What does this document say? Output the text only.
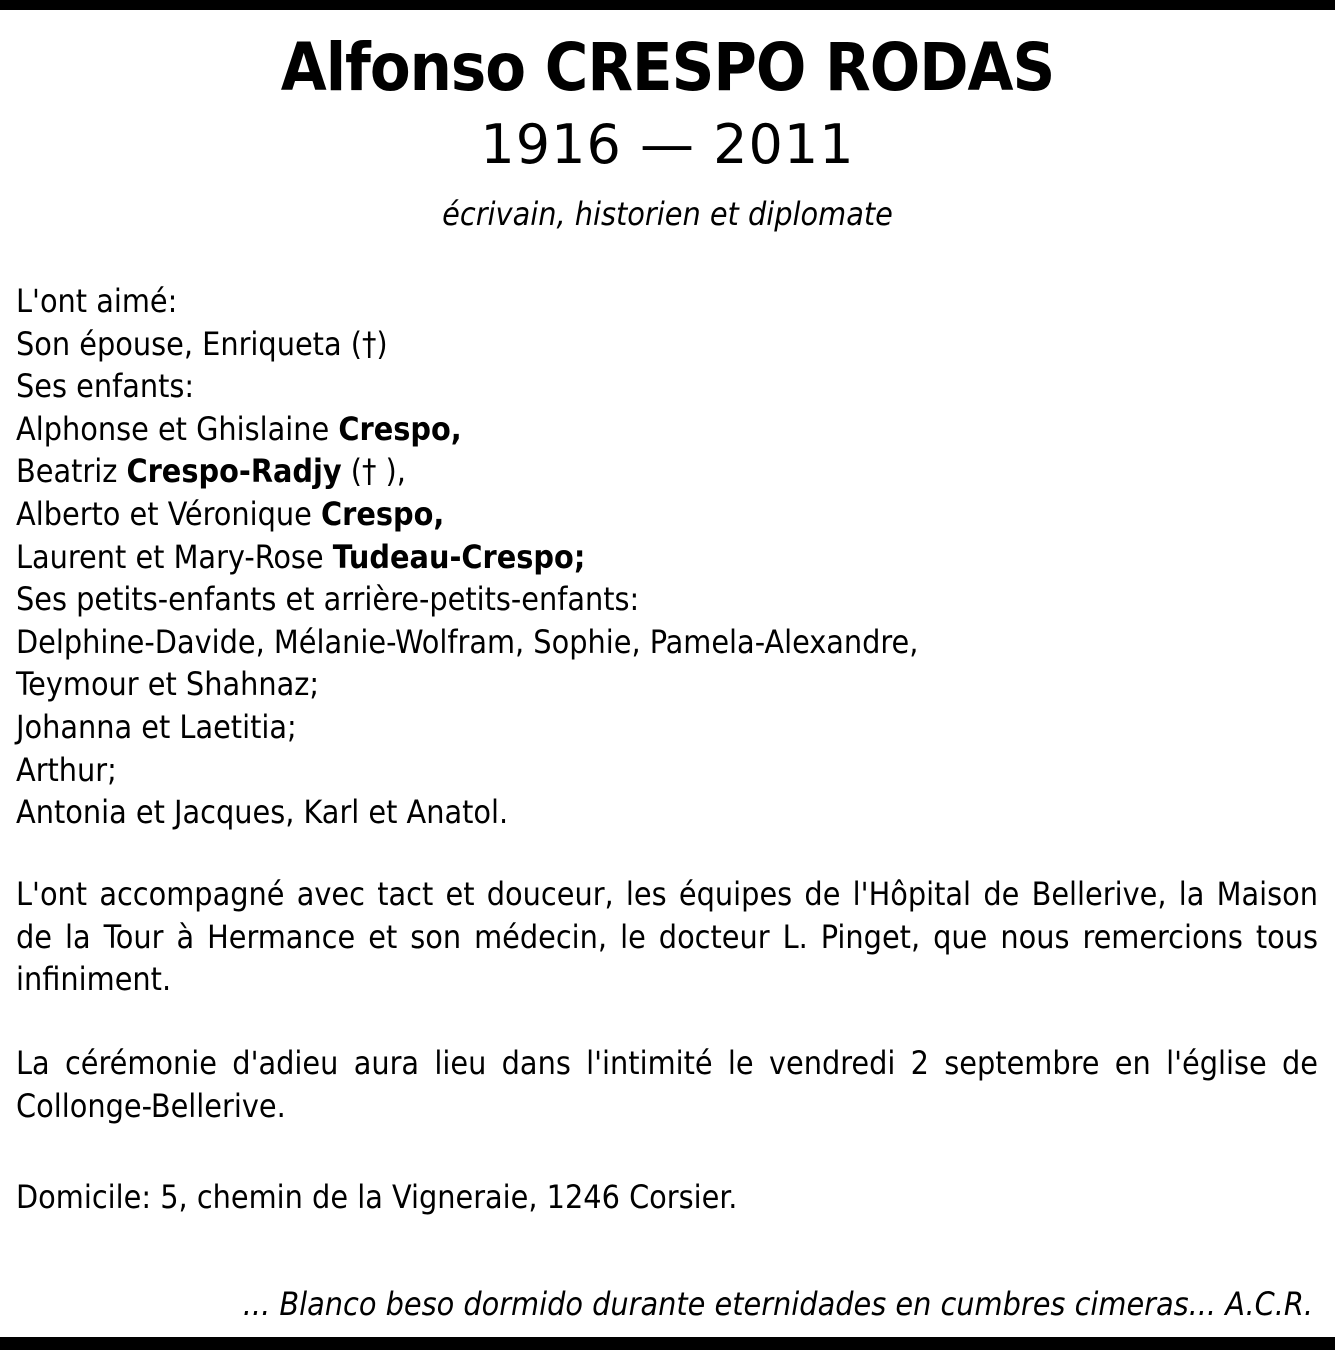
Alfonso CRESPO RODAS
1916 — 2011
écrivain, historien et diplomate
L'ont aimé:
Son épouse, Enriqueta (†)
Ses enfants:
Alphonse et Ghislaine Crespo,
Beatriz Crespo-Radjy († ),
Alberto et Véronique Crespo,
Laurent et Mary-Rose Tudeau-Crespo;
Ses petits-enfants et arrière-petits-enfants:
Delphine-Davide, Mélanie-Wolfram, Sophie, Pamela-Alexandre,
Teymour et Shahnaz;
Johanna et Laetitia;
Arthur;
Antonia et Jacques, Karl et Anatol.
L'ont accompagné avec tact et douceur, les équipes de l'Hôpital de Bellerive, la Maison de la Tour à Hermance et son médecin, le docteur L. Pinget, que nous remercions tous infiniment.
La cérémonie d'adieu aura lieu dans l'intimité le vendredi 2 septembre en l'église de Collonge-Bellerive.
Domicile: 5, chemin de la Vigneraie, 1246 Corsier.
... Blanco beso dormido durante eternidades en cumbres cimeras... A.C.R.
